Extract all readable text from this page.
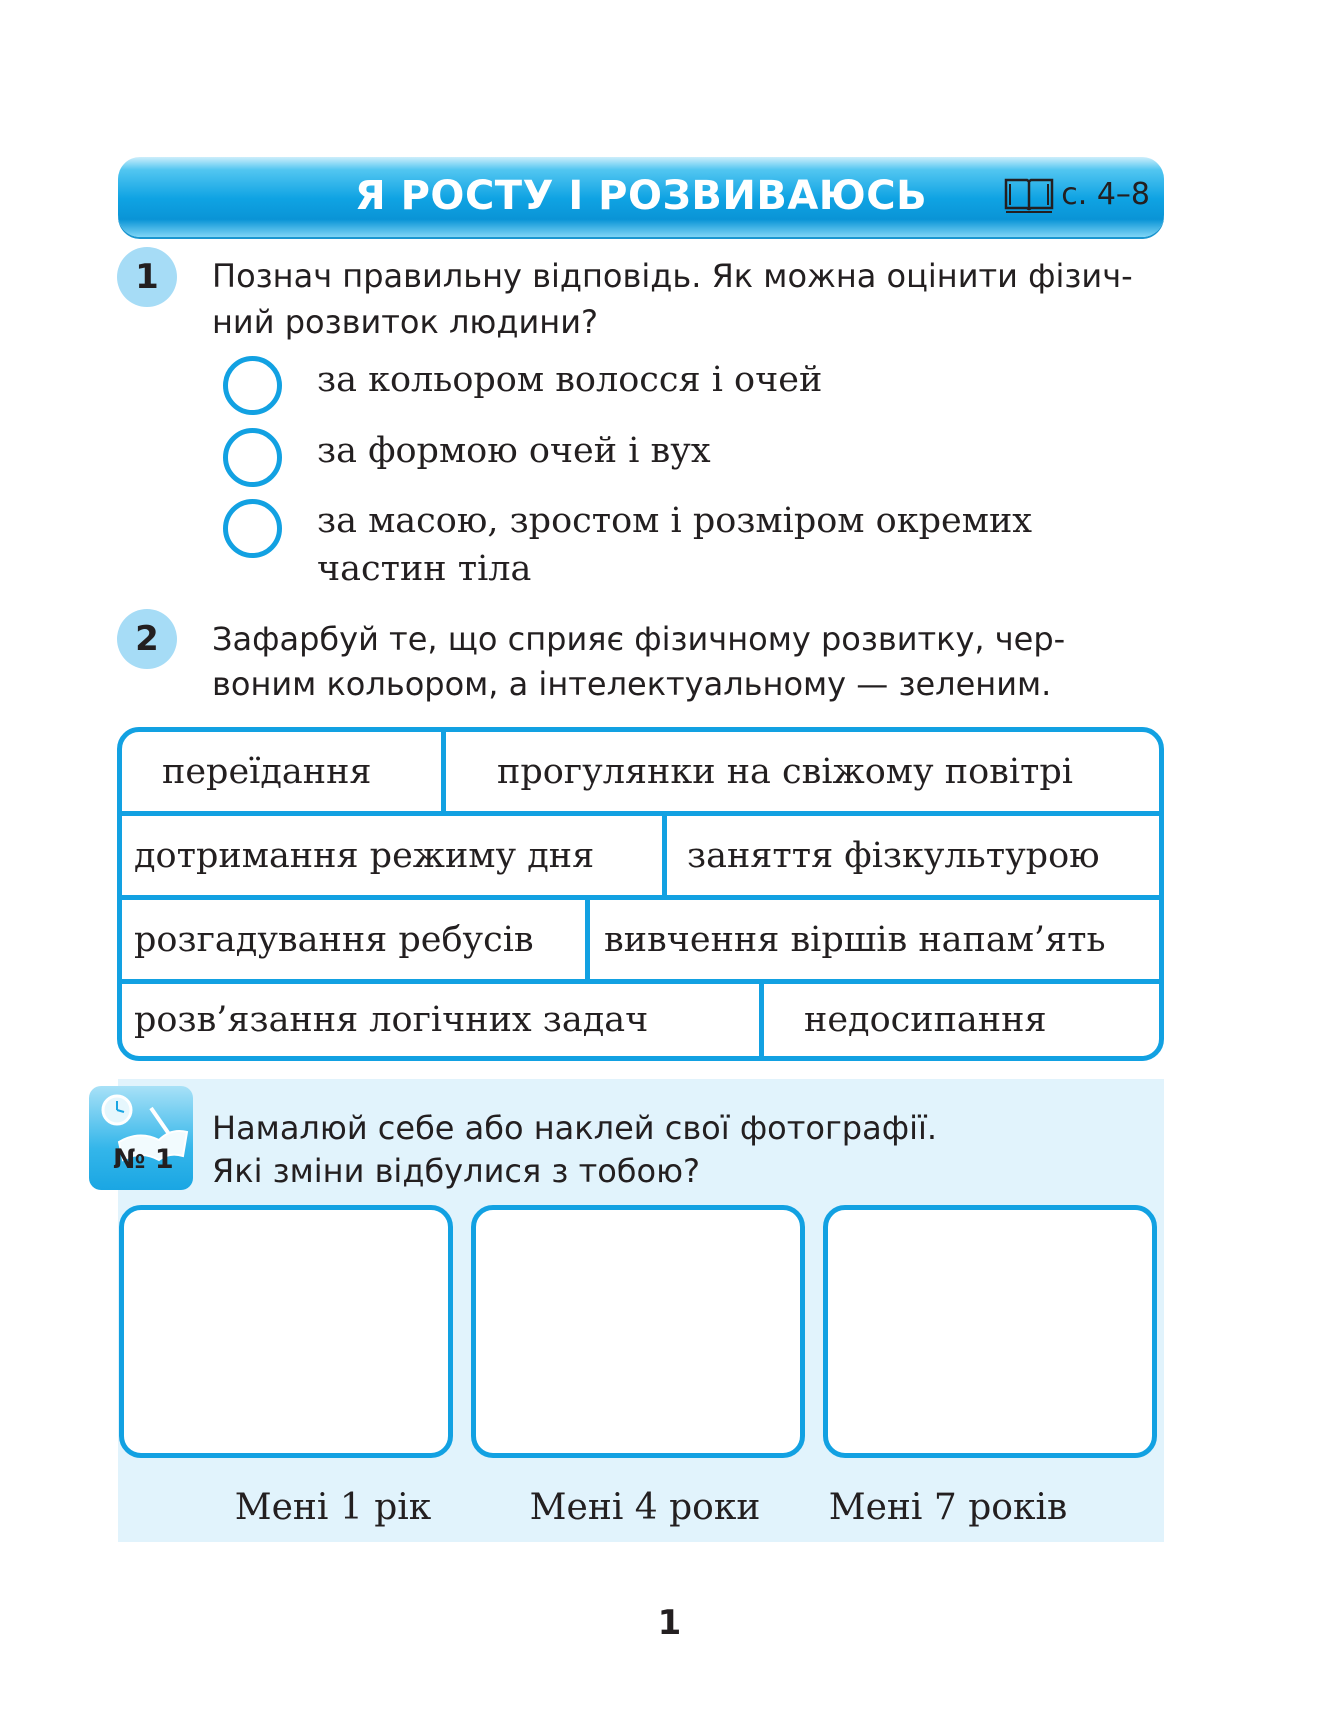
Я РОСТУ І РОЗВИВАЮСЬ	с. 4–8
1	Познач правильну відповідь. Як можна оцінити фізич-
ний розвиток людини?
за кольором волосся і очей
за формою очей і вух
за масою, зростом і розміром окремих
частин тіла
2	Зафарбуй те, що сприяє фізичному розвитку, чер-
воним кольором, а інтелектуальному — зеленим.
переїдання	прогулянки на свіжому повітрі
дотримання режиму дня	заняття фізкультурою
розгадування ребусів	вивчення віршів напам’ять
розв’язання логічних задач	недосипання
№ 1
Намалюй себе або наклей свої фотографії.
Які зміни відбулися з тобою?
Мені 1 рік	Мені 4 роки	Мені 7 років
1
